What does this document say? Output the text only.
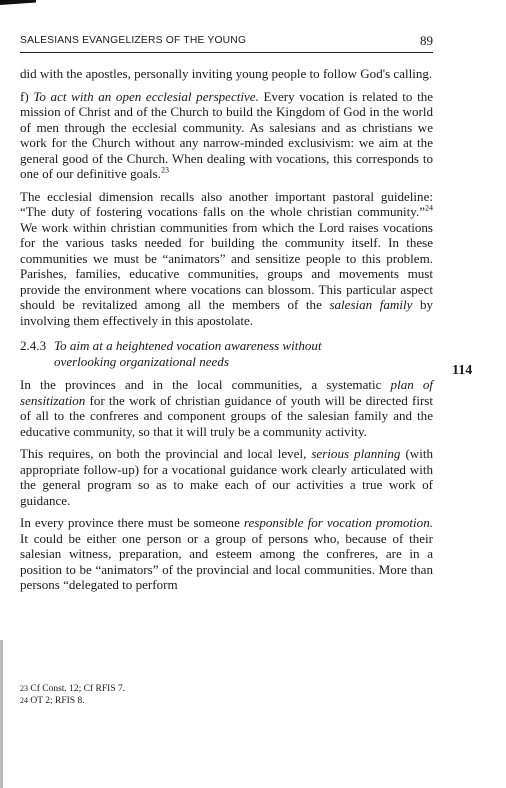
SALESIANS EVANGELIZERS OF THE YOUNG	89
114

did with the apostles, personally inviting young people to follow God's calling.

f) To act with an open ecclesial perspective. Every vocation is related to the mission of Christ and of the Church to build the Kingdom of God in the world of men through the ecclesial community. As salesians and as christians we work for the Church without any narrow-minded exclusivism: we aim at the general good of the Church. When dealing with vocations, this corresponds to one of our definitive goals.$^{23}$

The ecclesial dimension recalls also another important pastoral guideline: “The duty of fostering vocations falls on the whole christian community.”$^{24}$ We work within christian communities from which the Lord raises vocations for the various tasks needed for building the community itself. In these communities we must be “animators” and sensitize people to this problem. Parishes, families, educative communities, groups and movements must provide the environment where vocations can blossom. This particular aspect should be revitalized among all the members of the salesian family by involving them effectively in this apostolate.

2.4.3 To aim at a heightened vocation awareness without
overlooking organizational needs

In the provinces and in the local communities, a systematic plan of sensitization for the work of christian guidance of youth will be directed first of all to the confreres and component groups of the salesian family and the educative community, so that it will truly be a community activity.

This requires, on both the provincial and local level, serious planning (with appropriate follow-up) for a vocational guidance work clearly articulated with the general program so as to make each of our activities a true work of guidance.

In every province there must be someone responsible for vocation promotion. It could be either one person or a group of persons who, because of their salesian witness, preparation, and esteem among the confreres, are in a position to be “animators” of the provincial and local communities. More than persons “delegated to perform

23 Cf Const. 12; Cf RFIS 7.
24 OT 2; RFIS 8.
